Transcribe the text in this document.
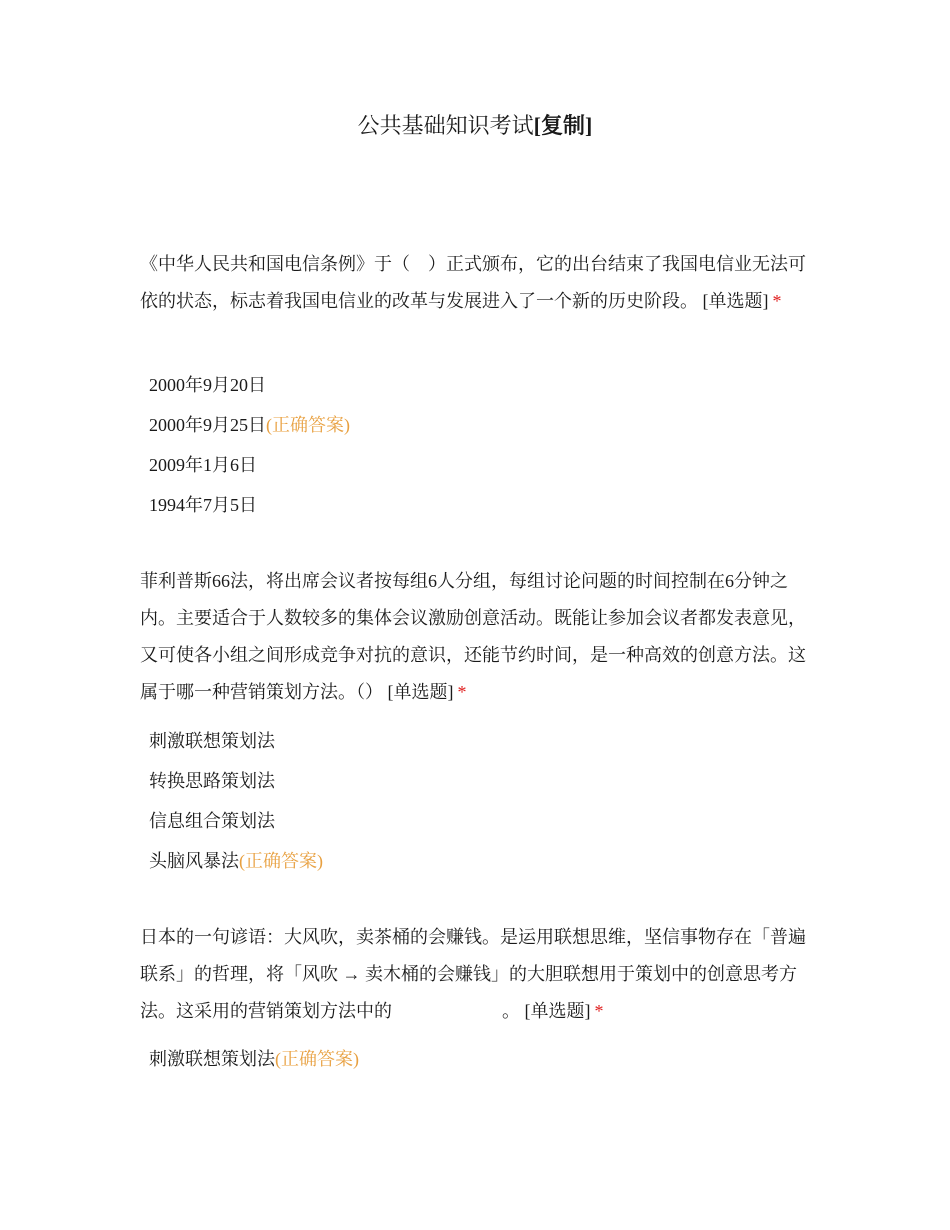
公共基础知识考试[复制]

《中华人民共和国电信条例》于（　）正式颁布，它的出台结束了我国电信业无法可依的状态，标志着我国电信业的改革与发展进入了一个新的历史阶段。 [单选题] *

2000年9月20日
2000年9月25日(正确答案)
2009年1月6日
1994年7月5日

菲利普斯66法，将出席会议者按每组6人分组，每组讨论问题的时间控制在6分钟之内。主要适合于人数较多的集体会议激励创意活动。既能让参加会议者都发表意见，又可使各小组之间形成竞争对抗的意识，还能节约时间，是一种高效的创意方法。这属于哪一种营销策划方法。（） [单选题] *

刺激联想策划法
转换思路策划法
信息组合策划法
头脑风暴法(正确答案)

日本的一句谚语：大风吹，卖茶桶的会赚钱。是运用联想思维，坚信事物存在「普遍联系」的哲理，将「风吹 → 卖木桶的会赚钱」的大胆联想用于策划中的创意思考方法。这采用的营销策划方法中的	。 [单选题] *

刺激联想策划法(正确答案)
